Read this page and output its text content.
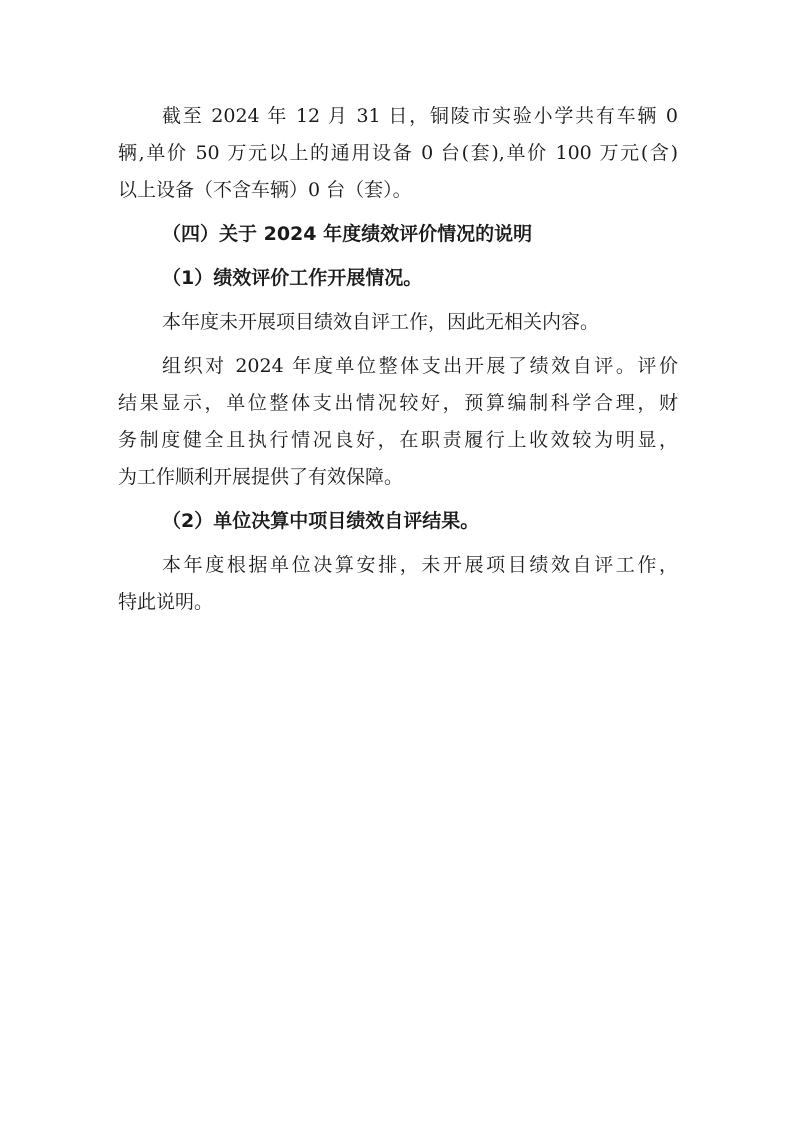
截至 2024 年 12 月 31 日，铜陵市实验小学共有车辆 0
辆,单价 50 万元以上的通用设备 0 台(套),单价 100 万元(含)
以上设备（不含车辆）0 台（套）。
（四）关于 2024 年度绩效评价情况的说明
（1）绩效评价工作开展情况。
本年度未开展项目绩效自评工作，因此无相关内容。
组织对 2024 年度单位整体支出开展了绩效自评。评价
结果显示，单位整体支出情况较好，预算编制科学合理，财
务制度健全且执行情况良好，在职责履行上收效较为明显，
为工作顺利开展提供了有效保障。
（2）单位决算中项目绩效自评结果。
本年度根据单位决算安排，未开展项目绩效自评工作，
特此说明。
